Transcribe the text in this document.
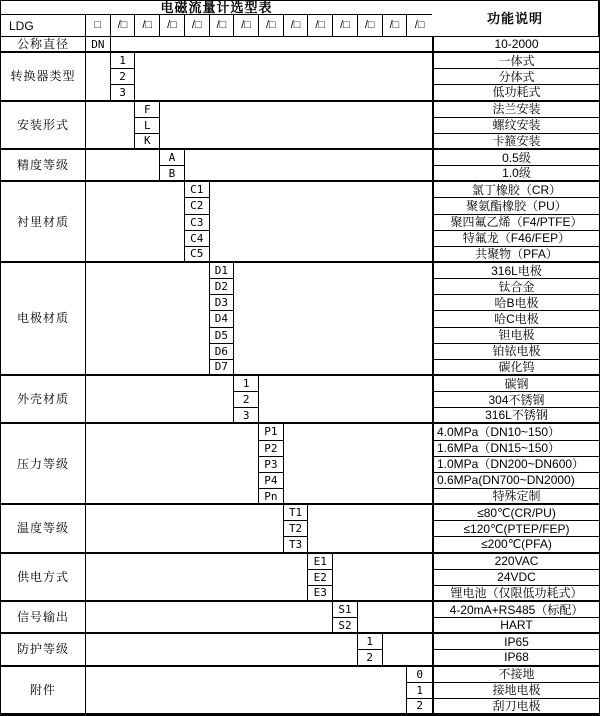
电磁流量计选型表
功能说明
LDG	□	/□	/□	/□	/□	/□	/□	/□	/□	/□	/□	/□	/□	/□
公称直径	DN	10-2000
转换器类型
1	一体式
2	分体式
3	低功耗式
安装形式
F	法兰安装
L	螺纹安装
K	卡箍安装
精度等级
A	0.5级
B	1.0级
衬里材质
C1	氯丁橡胶（CR）
C2	聚氨酯橡胶（PU）
C3	聚四氟乙烯（F4/PTFE）
C4	特氟龙（F46/FEP）
C5	共聚物（PFA）
电极材质
D1	316L电极
D2	钛合金
D3	哈B电极
D4	哈C电极
D5	钽电极
D6	铂铱电极
D7	碳化钨
外壳材质
1	碳钢
2	304不锈钢
3	316L不锈钢
压力等级
P1	4.0MPa（DN10~150）
P2	1.6MPa（DN15~150）
P3	1.0MPa（DN200~DN600）
P4	0.6MPa(DN700~DN2000)
Pn	特殊定制
温度等级
T1	≤80℃(CR/PU)
T2	≤120℃(PTEP/FEP)
T3	≤200℃(PFA)
供电方式
E1	220VAC
E2	24VDC
E3	锂电池（仅限低功耗式）
信号输出
S1	4-20mA+RS485（标配）
S2	HART
防护等级
1	IP65
2	IP68
附件
0	不接地
1	接地电极
2	刮刀电极
